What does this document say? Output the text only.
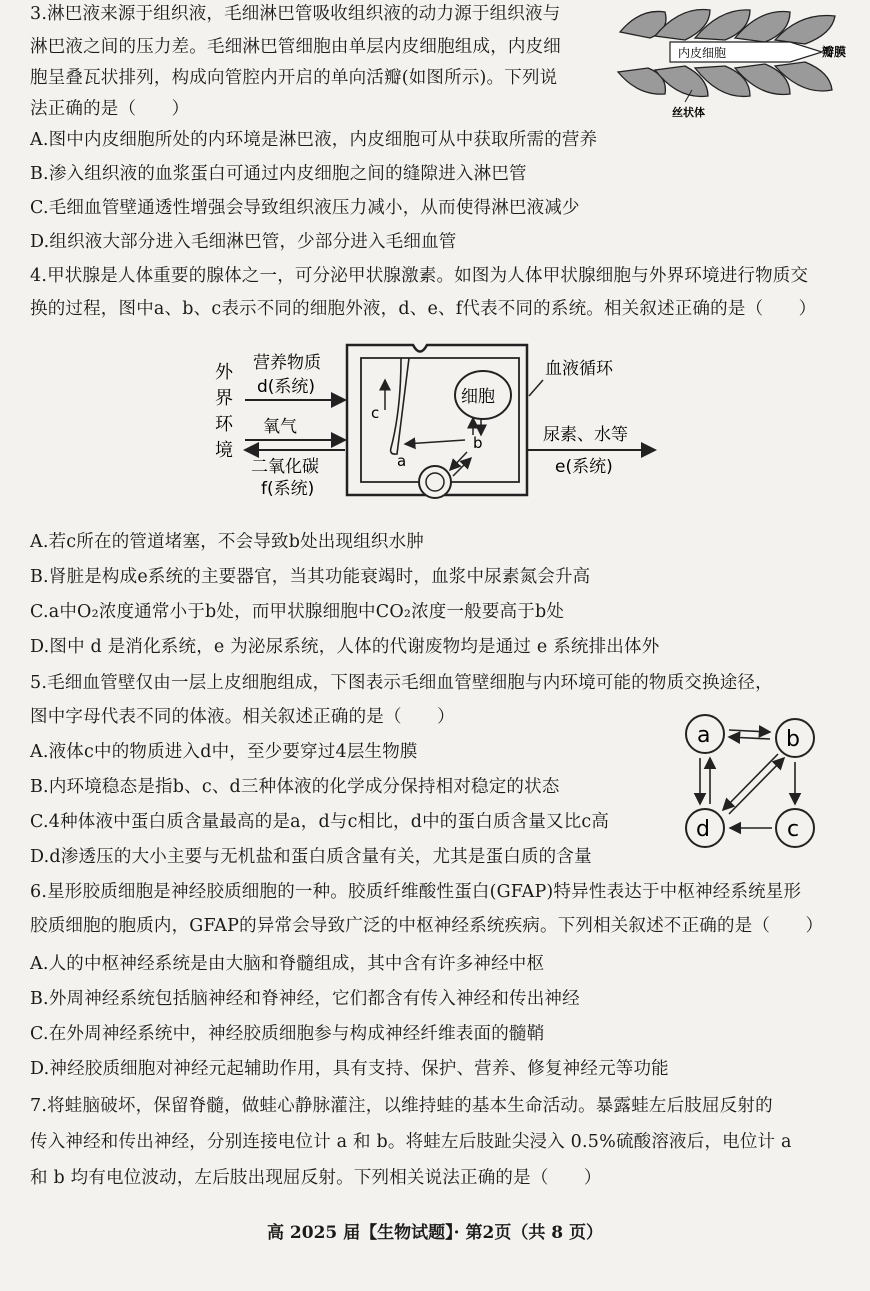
3.淋巴液来源于组织液，毛细淋巴管吸收组织液的动力源于组织液与
淋巴液之间的压力差。毛细淋巴管细胞由单层内皮细胞组成，内皮细
胞呈叠瓦状排列，构成向管腔内开启的单向活瓣(如图所示)。下列说
法正确的是（　　）
内皮细胞	瓣膜
丝状体
A.图中内皮细胞所处的内环境是淋巴液，内皮细胞可从中获取所需的营养
B.渗入组织液的血浆蛋白可通过内皮细胞之间的缝隙进入淋巴管
C.毛细血管壁通透性增强会导致组织液压力减小，从而使得淋巴液减少
D.组织液大部分进入毛细淋巴管，少部分进入毛细血管
4.甲状腺是人体重要的腺体之一，可分泌甲状腺激素。如图为人体甲状腺细胞与外界环境进行物质交
换的过程，图中a、b、c表示不同的细胞外液，d、e、f代表不同的系统。相关叙述正确的是（　　）
外
界
环
境
营养物质
d(系统)
氧气
二氧化碳
f(系统)
c
细胞
b
a
血液循环
尿素、水等
e(系统)
A.若c所在的管道堵塞，不会导致b处出现组织水肿
B.肾脏是构成e系统的主要器官，当其功能衰竭时，血浆中尿素氮会升高
C.a中O₂浓度通常小于b处，而甲状腺细胞中CO₂浓度一般要高于b处
D.图中 d 是消化系统，e 为泌尿系统，人体的代谢废物均是通过 e 系统排出体外
5.毛细血管壁仅由一层上皮细胞组成，下图表示毛细血管壁细胞与内环境可能的物质交换途径，
图中字母代表不同的体液。相关叙述正确的是（　　）
a	b
d	c
A.液体c中的物质进入d中，至少要穿过4层生物膜
B.内环境稳态是指b、c、d三种体液的化学成分保持相对稳定的状态
C.4种体液中蛋白质含量最高的是a，d与c相比，d中的蛋白质含量又比c高
D.d渗透压的大小主要与无机盐和蛋白质含量有关，尤其是蛋白质的含量
6.星形胶质细胞是神经胶质细胞的一种。胶质纤维酸性蛋白(GFAP)特异性表达于中枢神经系统星形
胶质细胞的胞质内，GFAP的异常会导致广泛的中枢神经系统疾病。下列相关叙述不正确的是（　　）
A.人的中枢神经系统是由大脑和脊髓组成，其中含有许多神经中枢
B.外周神经系统包括脑神经和脊神经，它们都含有传入神经和传出神经
C.在外周神经系统中，神经胶质细胞参与构成神经纤维表面的髓鞘
D.神经胶质细胞对神经元起辅助作用，具有支持、保护、营养、修复神经元等功能
7.将蛙脑破坏，保留脊髓，做蛙心静脉灌注，以维持蛙的基本生命活动。暴露蛙左后肢屈反射的
传入神经和传出神经，分别连接电位计 a 和 b。将蛙左后肢趾尖浸入 0.5%硫酸溶液后，电位计 a
和 b 均有电位波动，左后肢出现屈反射。下列相关说法正确的是（　　）
高 2025 届【生物试题】· 第2页（共 8 页）
